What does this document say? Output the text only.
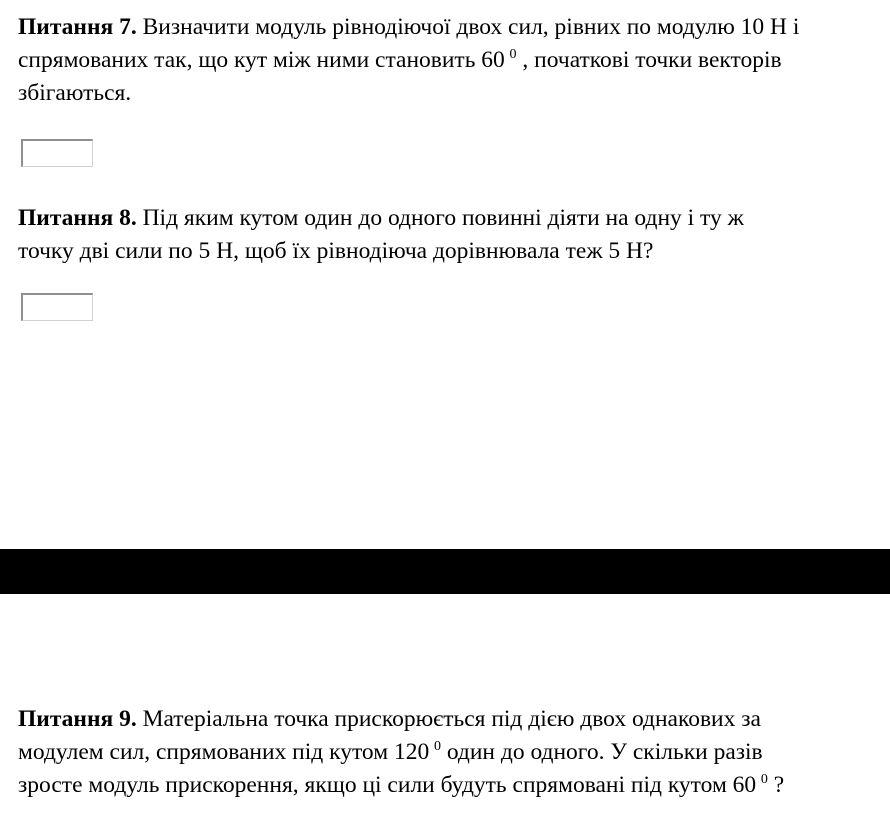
Питання 7. Визначити модуль рівнодіючої двох сил, рівних по модулю 10 Н і
спрямованих так, що кут між ними становить 60  $^0$ , початкові точки векторів
збігаються.
Питання 8. Під яким кутом один до одного повинні діяти на одну і ту ж
точку дві сили по 5 Н, щоб їх рівнодіюча дорівнювала теж 5 Н?
Питання 9. Матеріальна точка прискорюється під дією двох однакових за
модулем сил, спрямованих під кутом 120  $^0$ один до одного. У скільки разів
зросте модуль прискорення, якщо ці сили будуть спрямовані під кутом 60  $^0$ ?
